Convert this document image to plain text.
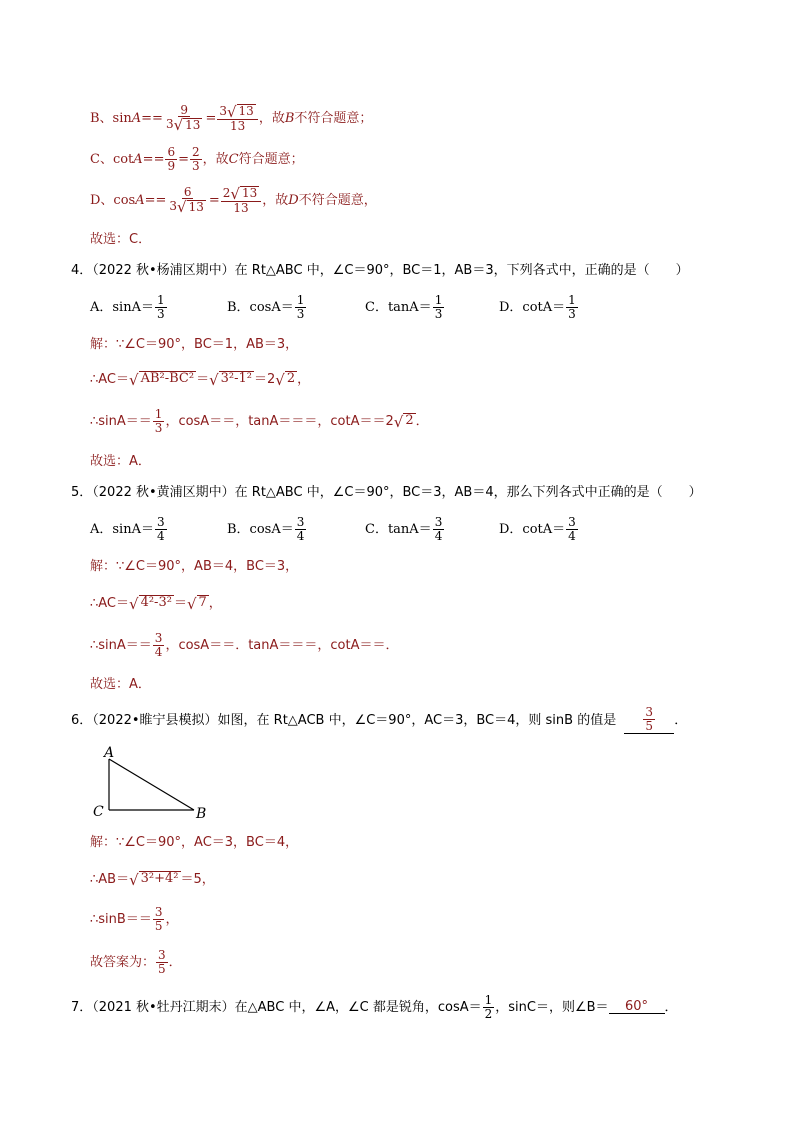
B、$\sin A == \frac{9}{3 √ 13} = \frac{3 √ 13}{13}$ ，故 B 不符合题意；
C、$\cot A == \frac{6}{9} = \frac{2}{3}$ ，故 C 符合题意；
D、$\cos A == \frac{6}{3 √ 13} = \frac{2 √ 13}{13}$ ，故 D 不符合题意，
故选：C．
4．（2022 秋•杨浦区期中）在 Rt△ABC 中，∠C＝90°，BC＝1，AB＝3，下列各式中，正确的是（　　）
A．$\sin A= \frac{1}{3}$	B．$\cos A= \frac{1}{3}$	C．$\tan A= \frac{1}{3}$	D．$\cot A= \frac{1}{3}$
解：∵∠C＝90°，BC＝1，AB＝3，
∴AC＝ √ AB²-BC² ＝ √ 3²-1² ＝2 √ 2 ，
∴sinA＝＝ $\frac{1}{3}$ ，cosA＝＝，tanA＝＝＝，cotA＝＝2 √ 2 ．
故选：A．
5．（2022 秋•黄浦区期中）在 Rt△ABC 中，∠C＝90°，BC＝3，AB＝4，那么下列各式中正确的是（　　）
A．$\sin A= \frac{3}{4}$	B．$\cos A= \frac{3}{4}$	C．$\tan A= \frac{3}{4}$	D．$\cot A= \frac{3}{4}$
解：∵∠C＝90°，AB＝4，BC＝3，
∴AC＝ √ 4²-3² ＝ √ 7 ，
∴sinA＝＝ $\frac{3}{4}$ ，cosA＝＝．tanA＝＝＝，cotA＝＝．
故选：A．
6．（2022•睢宁县模拟）如图，在 Rt△ACB 中，∠C＝90°，AC＝3，BC＝4，则 sinB 的值是 $\frac{3}{5}$ ．
A
C	B
解：∵∠C＝90°，AC＝3，BC＝4，
∴AB＝ √ 3²+4² ＝5，
∴sinB＝＝ $\frac{3}{5}$ ，
故答案为： $\frac{3}{5}$ ．
7．（2021 秋•牡丹江期末）在△ABC 中，∠A，∠C 都是锐角，$\cos A= \frac{1}{2}$ ，sinC＝，则∠B＝	60°	．
